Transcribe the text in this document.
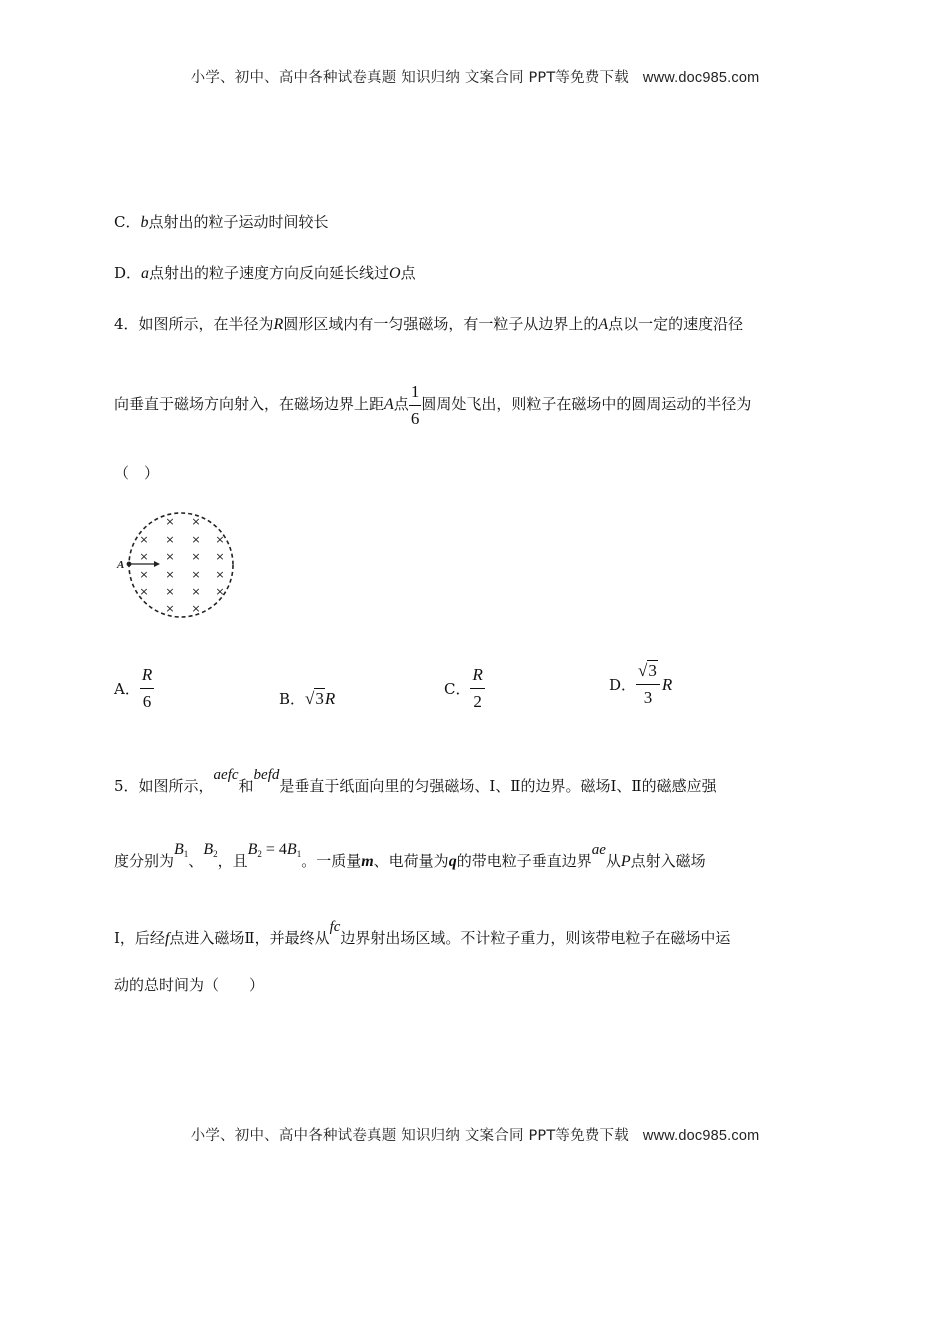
小学、初中、高中各种试卷真题 知识归纳 文案合同 PPT等免费下载 www.doc985.com
C．b点射出的粒子运动时间较长
D．a点射出的粒子速度方向反向延长线过O点
4．如图所示，在半径为R圆形区域内有一匀强磁场，有一粒子从边界上的A点以一定的速度沿径
向垂直于磁场方向射入，在磁场边界上距A点 $\frac{1}{6}$ 圆周处飞出，则粒子在磁场中的圆周运动的半径为
（　）
× ×
× × × ×
× × × ×
× × × ×
× × × ×
× ×
A
A． $\frac{R}{6}$	B．√3R	C． $\frac{R}{2}$	D． $\frac{√3}{3}$ R
5．如图所示，aefc和befd是垂直于纸面向里的匀强磁场、Ⅰ、Ⅱ的边界。磁场Ⅰ、Ⅱ的磁感应强
度分别为$B_1$、$B_2$，且$B_2 = 4B_1$。一质量m、电荷量为q的带电粒子垂直边界ae从P点射入磁场
Ⅰ，后经f点进入磁场Ⅱ，并最终从fc边界射出场区域。不计粒子重力，则该带电粒子在磁场中运
动的总时间为（　　）
小学、初中、高中各种试卷真题 知识归纳 文案合同 PPT等免费下载 www.doc985.com
